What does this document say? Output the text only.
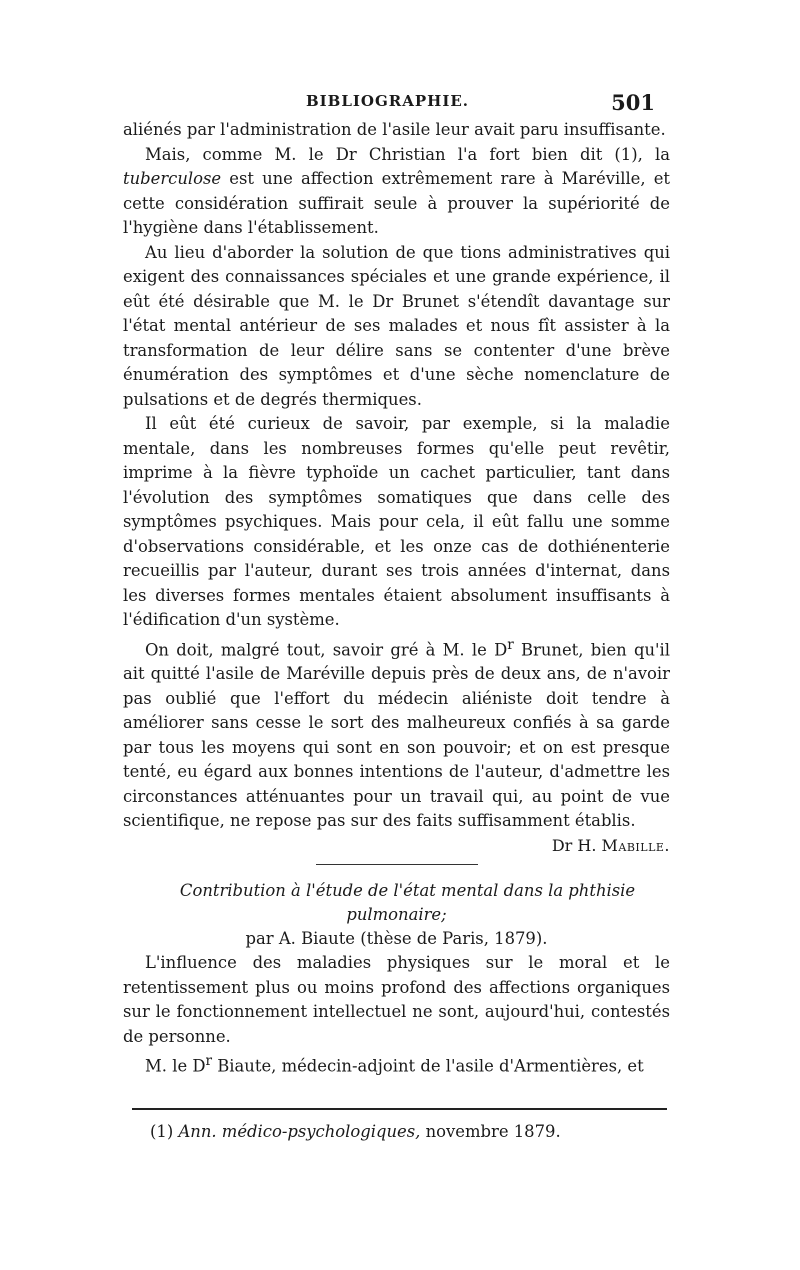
BIBLIOGRAPHIE.	501

aliénés par l'administration de l'asile leur avait paru insuffisante.

Mais, comme M. le Dr Christian l'a fort bien dit (1), la tuberculose est une affection extrêmement rare à Maréville, et cette considération suffirait seule à prouver la supériorité de l'hygiène dans l'établissement.

Au lieu d'aborder la solution de que tions administratives qui exigent des connaissances spéciales et une grande expérience, il eût été désirable que M. le Dr Brunet s'étendît davantage sur l'état mental antérieur de ses malades et nous fît assister à la transformation de leur délire sans se contenter d'une brève énumération des symptômes et d'une sèche nomenclature de pulsations et de degrés thermiques.

Il eût été curieux de savoir, par exemple, si la maladie mentale, dans les nombreuses formes qu'elle peut revêtir, imprime à la fièvre typhoïde un cachet particulier, tant dans l'évolution des symptômes somatiques que dans celle des symptômes psychiques. Mais pour cela, il eût fallu une somme d'observations considérable, et les onze cas de dothiénenterie recueillis par l'auteur, durant ses trois années d'internat, dans les diverses formes mentales étaient absolument insuffisants à l'édification d'un système.

On doit, malgré tout, savoir gré à M. le $D^r$ Brunet, bien qu'il ait quitté l'asile de Maréville depuis près de deux ans, de n'avoir pas oublié que l'effort du médecin aliéniste doit tendre à améliorer sans cesse le sort des malheureux confiés à sa garde par tous les moyens qui sont en son pouvoir; et on est presque tenté, eu égard aux bonnes intentions de l'auteur, d'admettre les circonstances atténuantes pour un travail qui, au point de vue scientifique, ne repose pas sur des faits suffisamment établis.

Dr H. Mabille.

Contribution à l'étude de l'état mental dans la phthisie pulmonaire;
par A. Biaute (thèse de Paris, 1879).

L'influence des maladies physiques sur le moral et le retentissement plus ou moins profond des affections organiques sur le fonctionnement intellectuel ne sont, aujourd'hui, contestés de personne.

M. le $D^r$ Biaute, médecin-adjoint de l'asile d'Armentières, et

(1) Ann. médico-psychologiques, novembre 1879.
